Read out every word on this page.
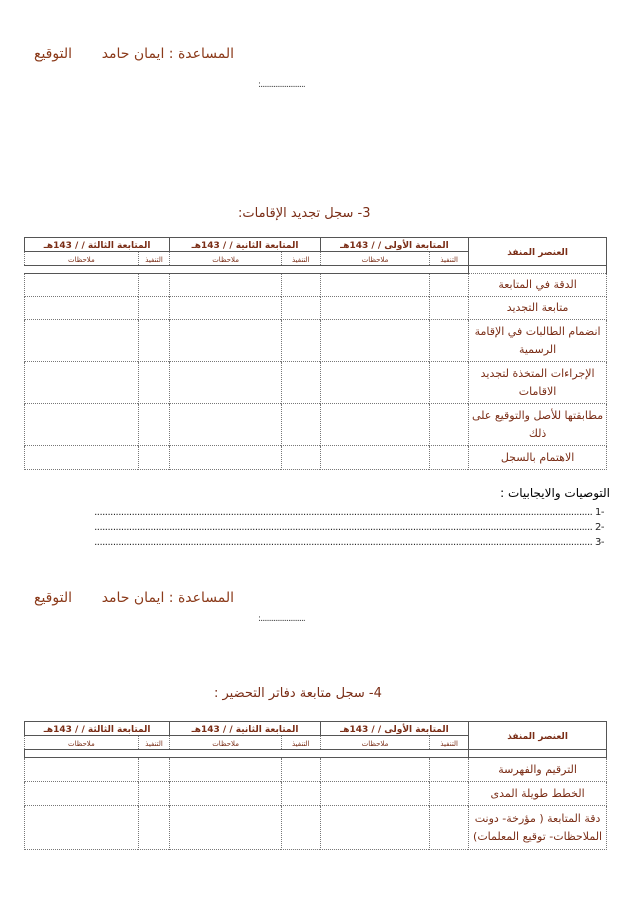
المساعدة : ايمان حامد
التوقيع
........................:
3- سجل تجديد الإقامات:
العنصر المنفذ	المتابعة الأولى / / 143هـ		المتابعة الثانية / / 143هـ		المتابعة الثالثة / / 143هـ	
	التنفيذ	ملاحظات	التنفيذ	ملاحظات	التنفيذ	ملاحظات

الدقة في المتابعة						
متابعة التجديد						
انضمام الطالبات في الإقامة الرسمية						
الإجراءات المتخذة لتجديد الاقامات						
مطابقتها للأصل والتوقيع على ذلك						
الاهتمام بالسجل						
التوصيات والايجابيات :
-1 ..........................................................................................................................................................................................
-2 ..........................................................................................................................................................................................
-3 ..........................................................................................................................................................................................
المساعدة : ايمان حامد
التوقيع
........................:
4- سجل متابعة دفاتر التحضير :
العنصر المنفذ	المتابعة الأولى / / 143هـ		المتابعة الثانية / / 143هـ		المتابعة الثالثة / / 143هـ	
	التنفيذ	ملاحظات	التنفيذ	ملاحظات	التنفيذ	ملاحظات

الترقيم والفهرسة						
الخطط طويلة المدى						
دقة المتابعة ( مؤرخة- دونت الملاحظات- توقيع المعلمات)						
